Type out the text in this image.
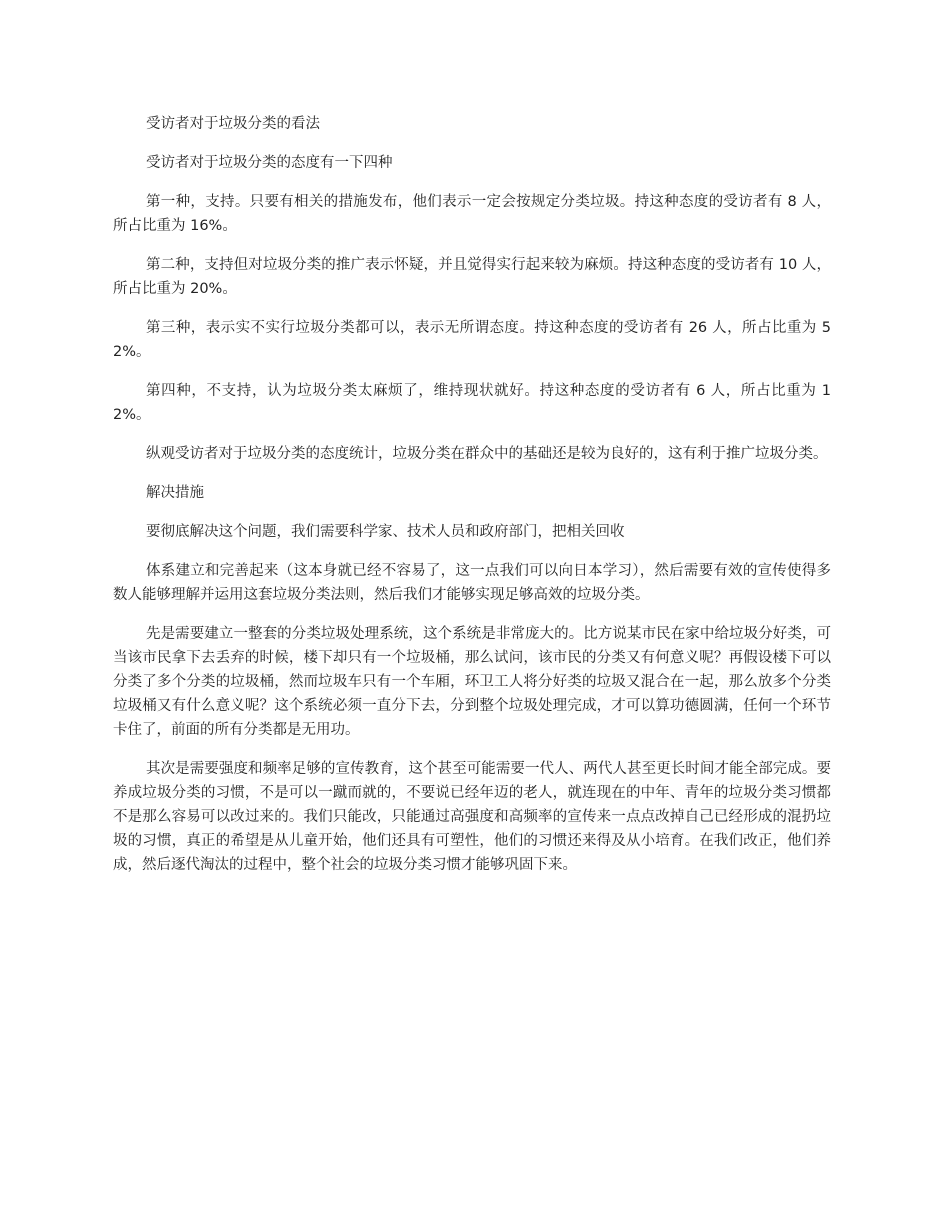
受访者对于垃圾分类的看法

受访者对于垃圾分类的态度有一下四种

第一种，支持。只要有相关的措施发布，他们表示一定会按规定分类垃圾。持这种态度的受访者有 8 人，所占比重为 16%。

第二种，支持但对垃圾分类的推广表示怀疑，并且觉得实行起来较为麻烦。持这种态度的受访者有 10 人，所占比重为 20%。

第三种，表示实不实行垃圾分类都可以，表示无所谓态度。持这种态度的受访者有 26 人，所占比重为 52%。

第四种，不支持，认为垃圾分类太麻烦了，维持现状就好。持这种态度的受访者有 6 人，所占比重为 12%。

纵观受访者对于垃圾分类的态度统计，垃圾分类在群众中的基础还是较为良好的，这有利于推广垃圾分类。

解决措施

要彻底解决这个问题，我们需要科学家、技术人员和政府部门，把相关回收

体系建立和完善起来（这本身就已经不容易了，这一点我们可以向日本学习），然后需要有效的宣传使得多数人能够理解并运用这套垃圾分类法则，然后我们才能够实现足够高效的垃圾分类。

先是需要建立一整套的分类垃圾处理系统，这个系统是非常庞大的。比方说某市民在家中给垃圾分好类，可当该市民拿下去丢弃的时候，楼下却只有一个垃圾桶，那么试问，该市民的分类又有何意义呢？再假设楼下可以分类了多个分类的垃圾桶，然而垃圾车只有一个车厢，环卫工人将分好类的垃圾又混合在一起，那么放多个分类垃圾桶又有什么意义呢？这个系统必须一直分下去，分到整个垃圾处理完成，才可以算功德圆满，任何一个环节卡住了，前面的所有分类都是无用功。

其次是需要强度和频率足够的宣传教育，这个甚至可能需要一代人、两代人甚至更长时间才能全部完成。要养成垃圾分类的习惯，不是可以一蹴而就的，不要说已经年迈的老人，就连现在的中年、青年的垃圾分类习惯都不是那么容易可以改过来的。我们只能改，只能通过高强度和高频率的宣传来一点点改掉自己已经形成的混扔垃圾的习惯，真正的希望是从儿童开始，他们还具有可塑性，他们的习惯还来得及从小培育。在我们改正，他们养成，然后逐代淘汰的过程中，整个社会的垃圾分类习惯才能够巩固下来。
